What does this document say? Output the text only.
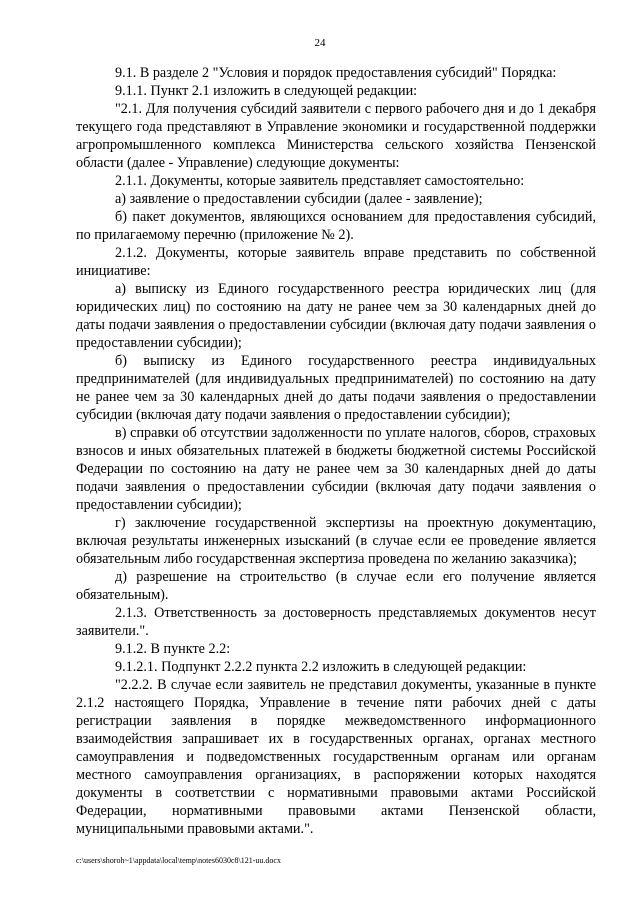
24

9.1. В разделе 2 "Условия и порядок предоставления субсидий" Порядка:

9.1.1. Пункт 2.1 изложить в следующей редакции:

"2.1. Для получения субсидий заявители с первого рабочего дня и до 1 декабря текущего года представляют в Управление экономики и государственной поддержки агропромышленного комплекса Министерства сельского хозяйства Пензенской области (далее - Управление) следующие документы:

2.1.1. Документы, которые заявитель представляет самостоятельно:

а) заявление о предоставлении субсидии (далее - заявление);

б) пакет документов, являющихся основанием для предоставления субсидий, по прилагаемому перечню (приложение № 2).

2.1.2. Документы, которые заявитель вправе представить по собственной инициативе:

а) выписку из Единого государственного реестра юридических лиц (для юридических лиц) по состоянию на дату не ранее чем за 30 календарных дней до даты подачи заявления о предоставлении субсидии (включая дату подачи заявления о предоставлении субсидии);

б) выписку из Единого государственного реестра индивидуальных предпринимателей (для индивидуальных предпринимателей) по состоянию на дату не ранее чем за 30 календарных дней до даты подачи заявления о предоставлении субсидии (включая дату подачи заявления о предоставлении субсидии);

в) справки об отсутствии задолженности по уплате налогов, сборов, страховых взносов и иных обязательных платежей в бюджеты бюджетной системы Российской Федерации по состоянию на дату не ранее чем за 30 календарных дней до даты подачи заявления о предоставлении субсидии (включая дату подачи заявления о предоставлении субсидии);

г) заключение государственной экспертизы на проектную документацию, включая результаты инженерных изысканий (в случае если ее проведение является обязательным либо государственная экспертиза проведена по желанию заказчика);

д) разрешение на строительство (в случае если его получение является обязательным).

2.1.3. Ответственность за достоверность представляемых документов несут заявители.".

9.1.2. В пункте 2.2:

9.1.2.1. Подпункт 2.2.2 пункта 2.2 изложить в следующей редакции:

"2.2.2. В случае если заявитель не представил документы, указанные в пункте 2.1.2 настоящего Порядка, Управление в течение пяти рабочих дней с даты регистрации заявления в порядке межведомственного информационного взаимодействия запрашивает их в государственных органах, органах местного самоуправления и подведомственных государственным органам или органам местного самоуправления организациях, в распоряжении которых находятся документы в соответствии с нормативными правовыми актами Российской Федерации, нормативными правовыми актами Пензенской области, муниципальными правовыми актами.".

c:\users\shoroh~1\appdata\local\temp\notes6030c8\121-uu.docx
